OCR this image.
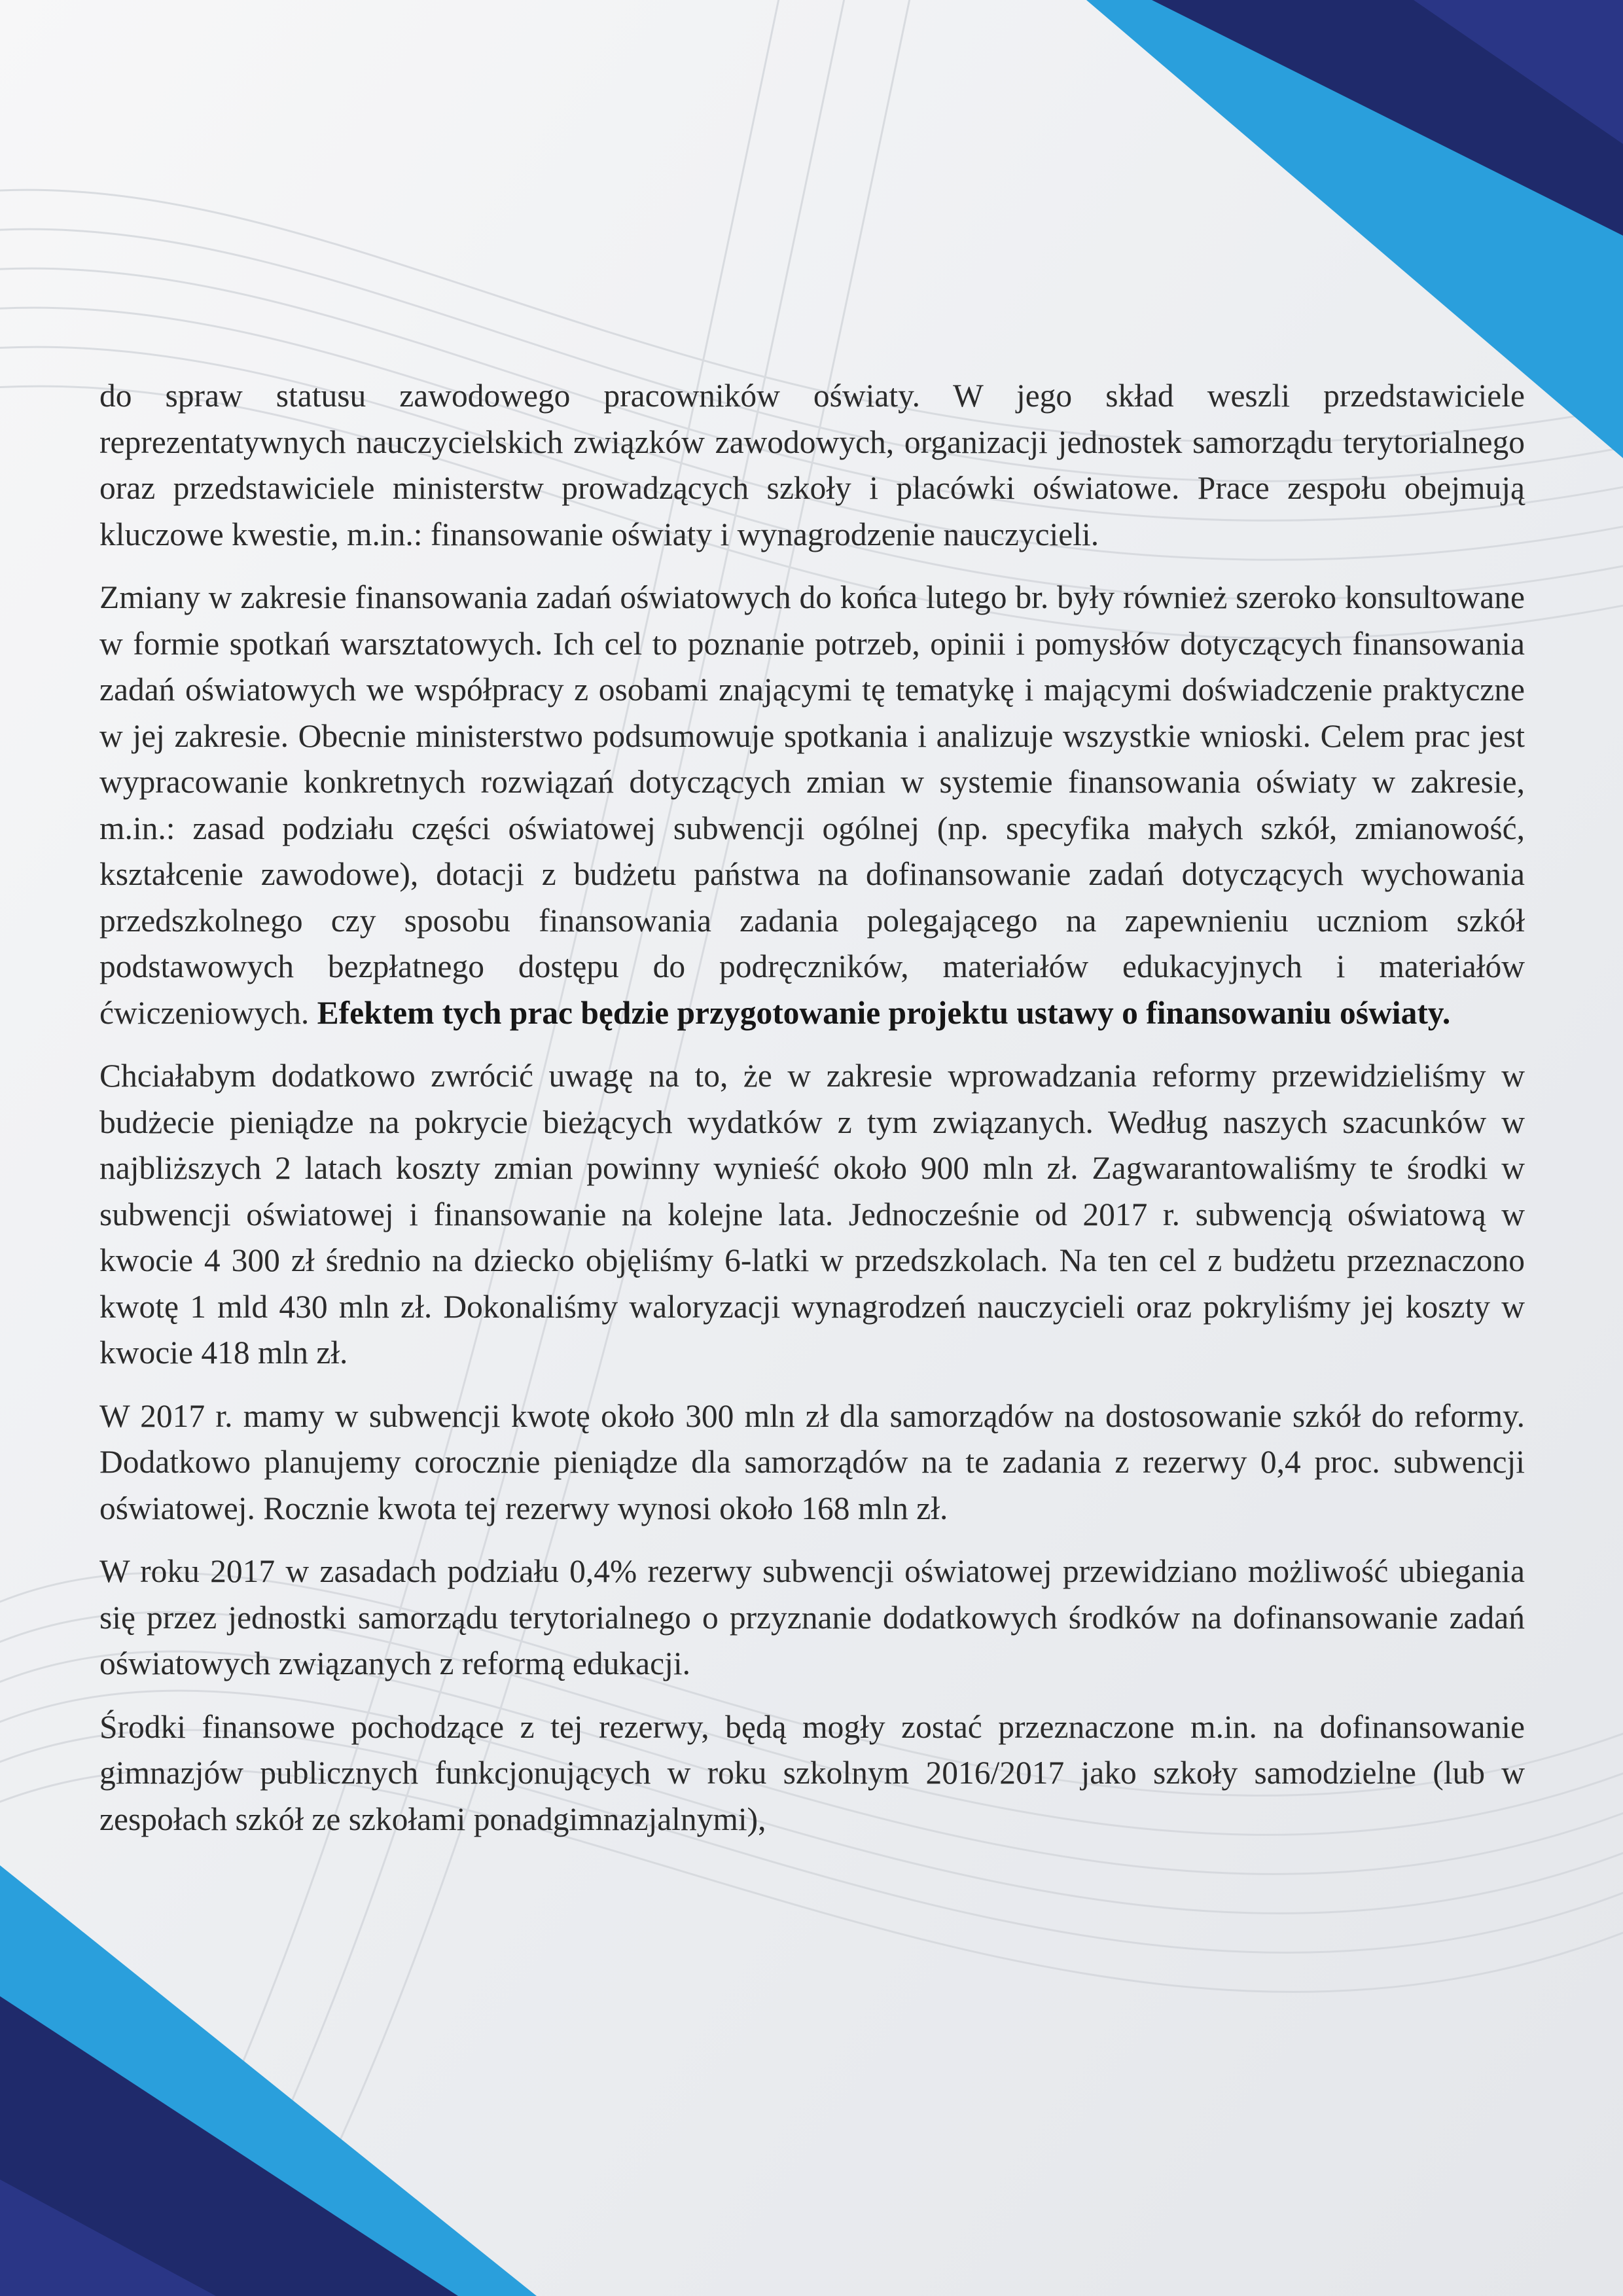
do spraw statusu zawodowego pracowników oświaty. W jego skład weszli przedstawiciele reprezentatywnych nauczycielskich związków zawodowych, organizacji jednostek samorządu terytorialnego oraz przedstawiciele ministerstw prowadzących szkoły i placówki oświatowe. Prace zespołu obejmują kluczowe kwestie, m.in.: finansowanie oświaty i wynagrodzenie nauczycieli.

Zmiany w zakresie finansowania zadań oświatowych do końca lutego br. były również szeroko konsultowane w formie spotkań warsztatowych. Ich cel to poznanie potrzeb, opinii i pomysłów dotyczących finansowania zadań oświatowych we współpracy z osobami znającymi tę tematykę i mającymi doświadczenie praktyczne w jej zakresie. Obecnie ministerstwo podsumowuje spotkania i analizuje wszystkie wnioski. Celem prac jest wypracowanie konkretnych rozwiązań dotyczących zmian w systemie finansowania oświaty w zakresie, m.in.: zasad podziału części oświatowej subwencji ogólnej (np. specyfika małych szkół, zmianowość, kształcenie zawodowe), dotacji z budżetu państwa na dofinansowanie zadań dotyczących wychowania przedszkolnego czy sposobu finansowania zadania polegającego na zapewnieniu uczniom szkół podstawowych bezpłatnego dostępu do podręczników, materiałów edukacyjnych i materiałów ćwiczeniowych. Efektem tych prac będzie przygotowanie projektu ustawy o finansowaniu oświaty.

Chciałabym dodatkowo zwrócić uwagę na to, że w zakresie wprowadzania reformy przewidzieliśmy w budżecie pieniądze na pokrycie bieżących wydatków z tym związanych. Według naszych szacunków w najbliższych 2 latach koszty zmian powinny wynieść około 900 mln zł. Zagwarantowaliśmy te środki w subwencji oświatowej i finansowanie na kolejne lata. Jednocześnie od 2017 r. subwencją oświatową w kwocie 4 300 zł średnio na dziecko objęliśmy 6-latki w przedszkolach. Na ten cel z budżetu przeznaczono kwotę 1 mld 430 mln zł. Dokonaliśmy waloryzacji wynagrodzeń nauczycieli oraz pokryliśmy jej koszty w kwocie 418 mln zł.

W 2017 r. mamy w subwencji kwotę około 300 mln zł dla samorządów na dostosowanie szkół do reformy. Dodatkowo planujemy corocznie pieniądze dla samorządów na te zadania z rezerwy 0,4 proc. subwencji oświatowej. Rocznie kwota tej rezerwy wynosi około 168 mln zł.

W roku 2017 w zasadach podziału 0,4% rezerwy subwencji oświatowej przewidziano możliwość ubiegania się przez jednostki samorządu terytorialnego o przyznanie dodatkowych środków na dofinansowanie zadań oświatowych związanych z reformą edukacji.

Środki finansowe pochodzące z tej rezerwy, będą mogły zostać przeznaczone m.in. na dofinansowanie gimnazjów publicznych funkcjonujących w roku szkolnym 2016/2017 jako szkoły samodzielne (lub w zespołach szkół ze szkołami ponadgimnazjalnymi),
